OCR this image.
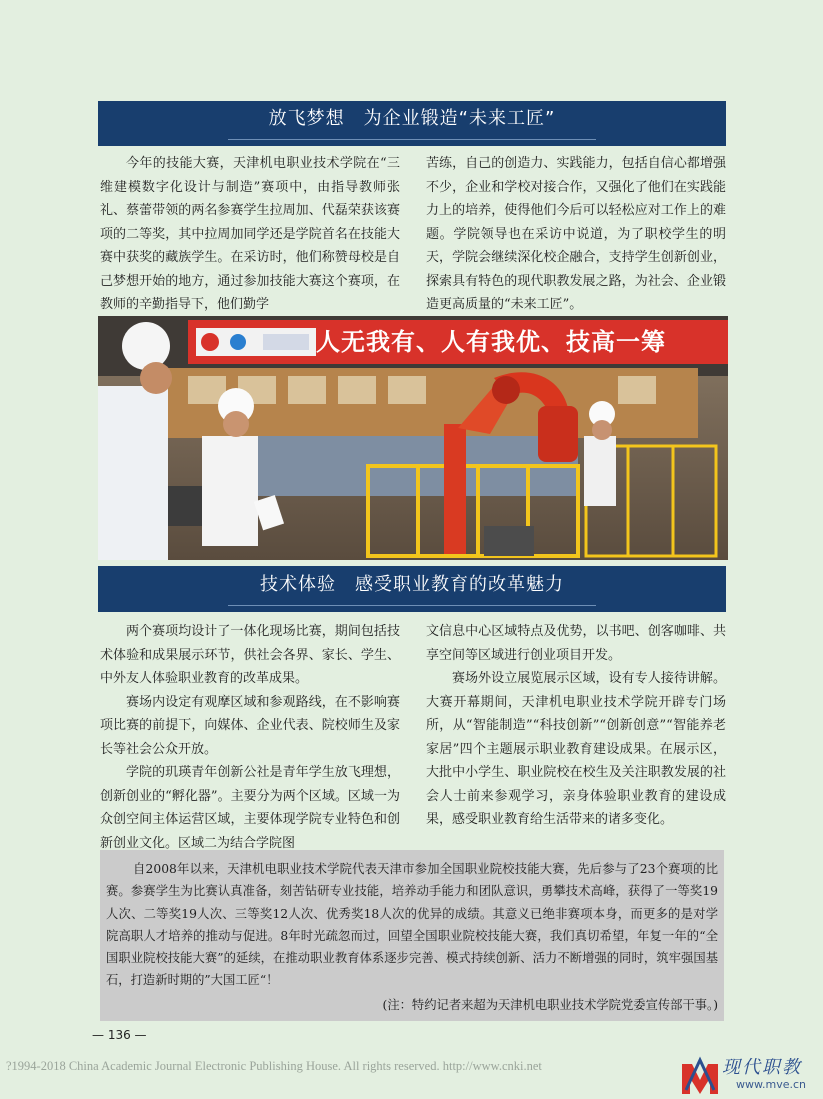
放飞梦想　为企业锻造“未来工匠”

今年的技能大赛，天津机电职业技术学院在“三维建模数字化设计与制造”赛项中，由指导教师张礼、蔡蕾带领的两名参赛学生拉周加、代磊荣获该赛项的二等奖，其中拉周加同学还是学院首名在技能大赛中获奖的藏族学生。在采访时，他们称赞母校是自己梦想开始的地方，通过参加技能大赛这个赛项，在教师的辛勤指导下，他们勤学

苦练，自己的创造力、实践能力，包括自信心都增强不少，企业和学校对接合作，又强化了他们在实践能力上的培养，使得他们今后可以轻松应对工作上的难题。学院领导也在采访中说道，为了职校学生的明天，学院会继续深化校企融合，支持学生创新创业，探索具有特色的现代职教发展之路，为社会、企业锻造更高质量的“未来工匠”。

人无我有、人有我优、技高一筹
技术体验　感受职业教育的改革魅力

两个赛项均设计了一体化现场比赛，期间包括技术体验和成果展示环节，供社会各界、家长、学生、中外友人体验职业教育的改革成果。

赛场内设定有观摩区域和参观路线，在不影响赛项比赛的前提下，向媒体、企业代表、院校师生及家长等社会公众开放。

学院的玑瑛青年创新公社是青年学生放飞理想，创新创业的“孵化器”。主要分为两个区域。区域一为众创空间主体运营区域，主要体现学院专业特色和创新创业文化。区域二为结合学院图

文信息中心区域特点及优势，以书吧、创客咖啡、共享空间等区域进行创业项目开发。

赛场外设立展览展示区域，设有专人接待讲解。大赛开幕期间，天津机电职业技术学院开辟专门场所，从“智能制造”“科技创新”“创新创意”“智能养老家居”四个主题展示职业教育建设成果。在展示区，大批中小学生、职业院校在校生及关注职教发展的社会人士前来参观学习，亲身体验职业教育的建设成果，感受职业教育给生活带来的诸多变化。

自2008年以来，天津机电职业技术学院代表天津市参加全国职业院校技能大赛，先后参与了23个赛项的比赛。参赛学生为比赛认真准备，刻苦钻研专业技能，培养动手能力和团队意识，勇攀技术高峰，获得了一等奖19人次、二等奖19人次、三等奖12人次、优秀奖18人次的优异的成绩。其意义已绝非赛项本身，而更多的是对学院高职人才培养的推动与促进。8年时光疏忽而过，回望全国职业院校技能大赛，我们真切希望，年复一年的“全国职业院校技能大赛”的延续，在推动职业教育体系逐步完善、模式持续创新、活力不断增强的同时，筑牢强国基石，打造新时期的”大国工匠“！

(注：特约记者来超为天津机电职业技术学院党委宣传部干事。)

— 136 —
?1994-2018 China Academic Journal Electronic Publishing House. All rights reserved. http://www.cnki.net	现代职教
www.mve.cn
